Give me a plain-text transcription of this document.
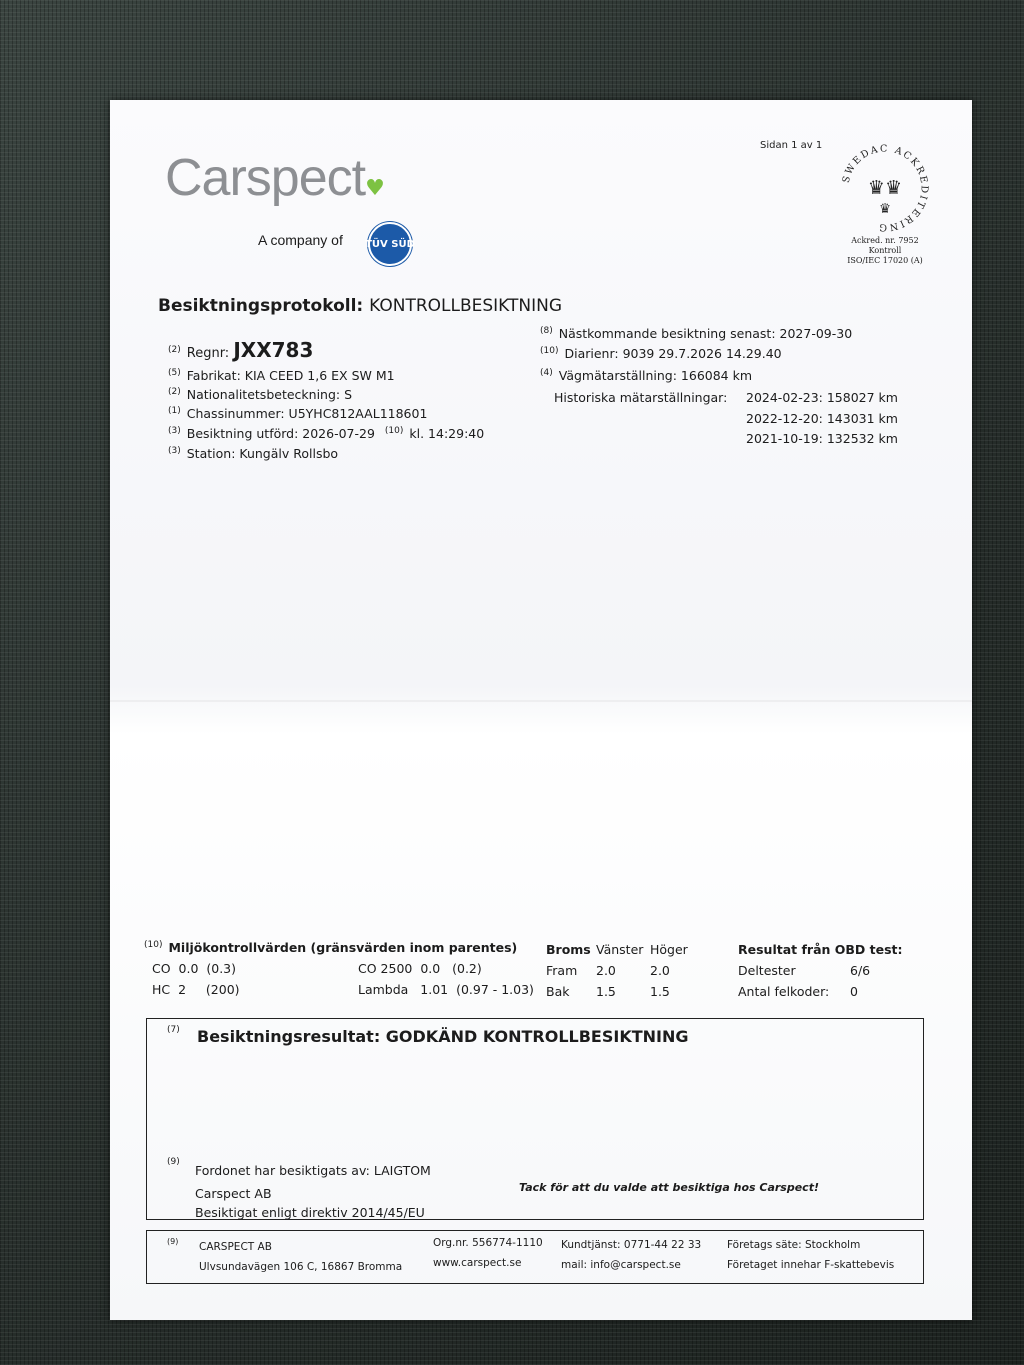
Sidan 1 av 1
Carspect♥
A company of TÜV SÜD
SWEDAC ACKREDITERING
♛♛
♛
Ackred. nr. 7952
Kontroll
ISO/IEC 17020 (A)
Besiktningsprotokoll: KONTROLLBESIKTNING
$^{(2)}$ Regnr: JXX783
$^{(5)}$ Fabrikat: KIA CEED 1,6 EX SW M1
$^{(2)}$ Nationalitetsbeteckning: S
$^{(1)}$ Chassinummer: U5YHC812AAL118601
$^{(3)}$ Besiktning utförd: 2026-07-29 $^{(10)}$ kl. 14:29:40
$^{(3)}$ Station: Kungälv Rollsbo
$^{(8)}$ Nästkommande besiktning senast: 2027-09-30
$^{(10)}$ Diarienr: 9039 29.7.2026 14.29.40
$^{(4)}$ Vägmätarställning: 166084 km
Historiska mätarställningar: 2024-02-23: 158027 km
2022-12-20: 143031 km
2021-10-19: 132532 km
$^{(10)}$ Miljökontrollvärden (gränsvärden inom parentes)
CO 0.0 (0.3)
HC 2 (200)
CO 2500 0.0 (0.2)
Lambda 1.01 (0.97 - 1.03)
Broms Vänster Höger
Fram 2.0	2.0
Bak 1.5	1.5
Resultat från OBD test:
Deltester	6/6
Antal felkoder: 0
(7) Besiktningsresultat: GODKÄND KONTROLLBESIKTNING
(9)
Fordonet har besiktigats av: LAIGTOM
Carspect AB	Tack för att du valde att besiktiga hos Carspect!
Besiktigat enligt direktiv 2014/45/EU
(9) CARSPECT AB
Ulvsundavägen 106 C, 16867 Bromma
Org.nr. 556774-1110
www.carspect.se
Kundtjänst: 0771-44 22 33
mail: info@carspect.se
Företags säte: Stockholm
Företaget innehar F-skattebevis
